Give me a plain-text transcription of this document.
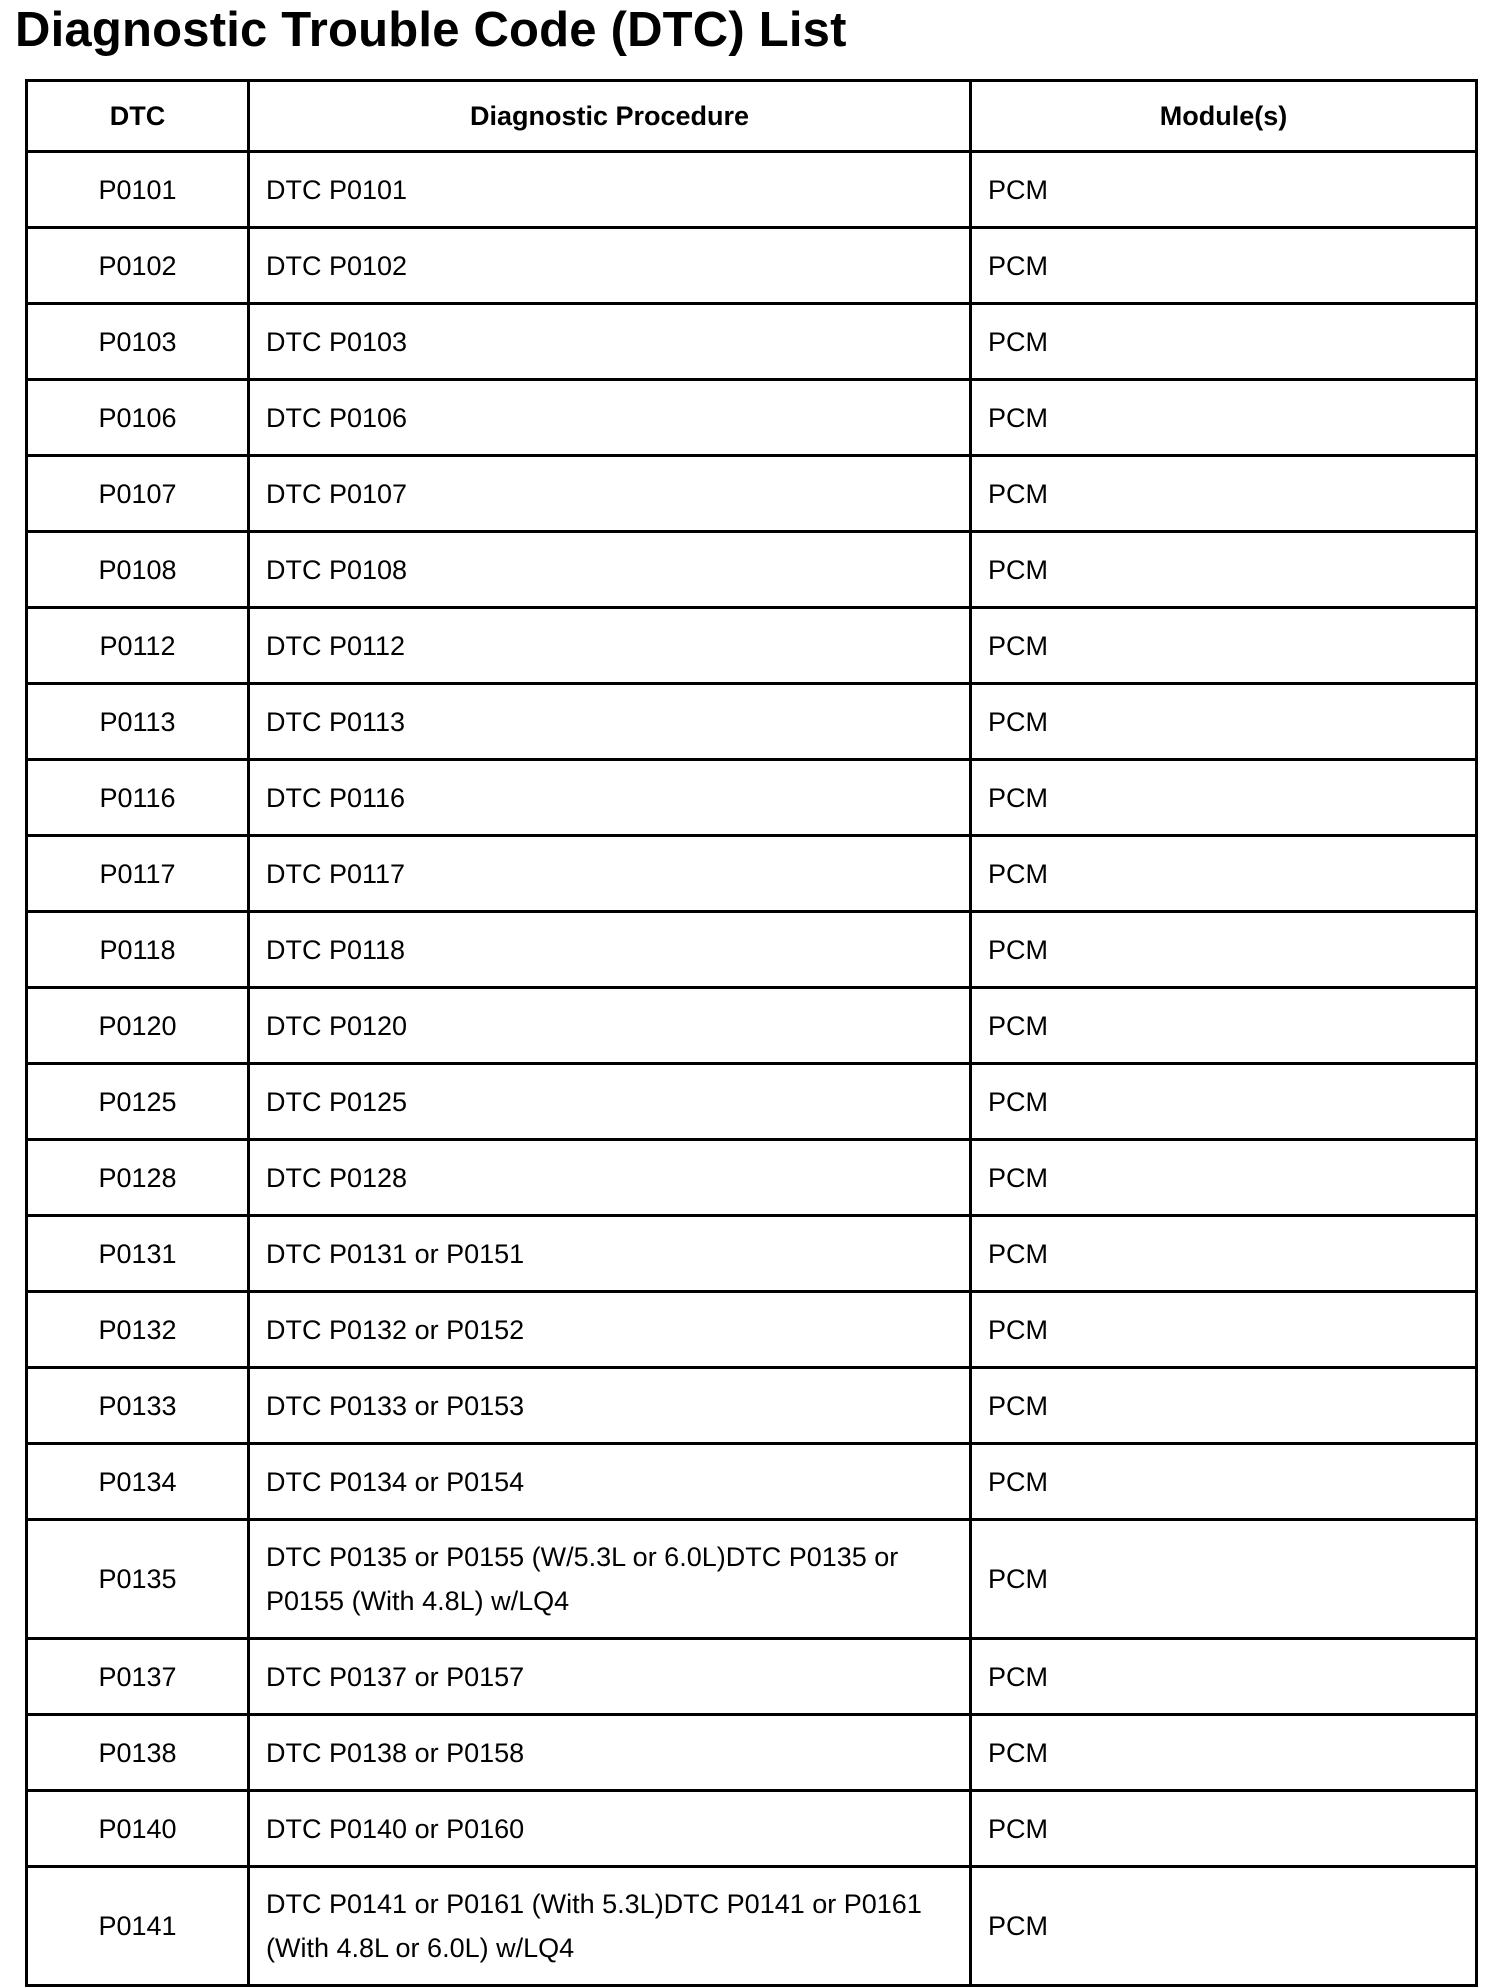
Diagnostic Trouble Code (DTC) List
DTC	Diagnostic Procedure	Module(s)
P0101	DTC P0101	PCM
P0102	DTC P0102	PCM
P0103	DTC P0103	PCM
P0106	DTC P0106	PCM
P0107	DTC P0107	PCM
P0108	DTC P0108	PCM
P0112	DTC P0112	PCM
P0113	DTC P0113	PCM
P0116	DTC P0116	PCM
P0117	DTC P0117	PCM
P0118	DTC P0118	PCM
P0120	DTC P0120	PCM
P0125	DTC P0125	PCM
P0128	DTC P0128	PCM
P0131	DTC P0131 or P0151	PCM
P0132	DTC P0132 or P0152	PCM
P0133	DTC P0133 or P0153	PCM
P0134	DTC P0134 or P0154	PCM
P0135	DTC P0135 or P0155 (W/5.3L or 6.0L)DTC P0135 or P0155 (With 4.8L) w/LQ4	PCM
P0137	DTC P0137 or P0157	PCM
P0138	DTC P0138 or P0158	PCM
P0140	DTC P0140 or P0160	PCM
P0141	DTC P0141 or P0161 (With 5.3L)DTC P0141 or P0161 (With 4.8L or 6.0L) w/LQ4	PCM
